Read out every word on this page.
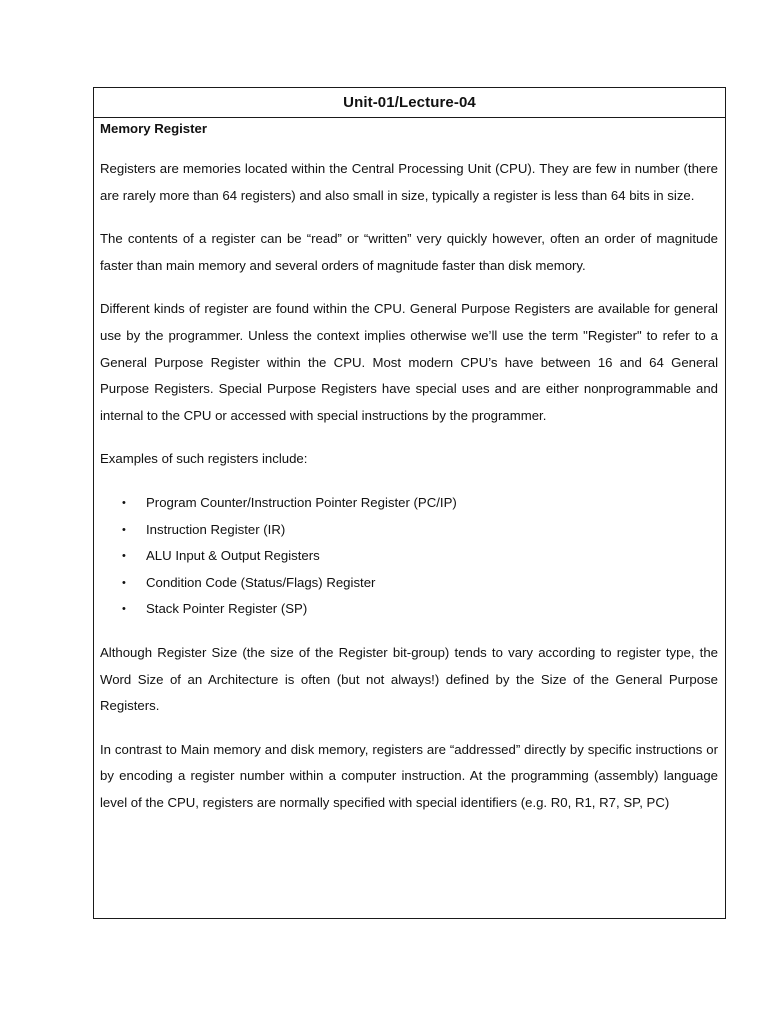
Unit-01/Lecture-04
Memory Register

Registers are memories located within the Central Processing Unit (CPU). They are few in number (there are rarely more than 64 registers) and also small in size, typically a register is less than 64 bits in size.

The contents of a register can be “read” or “written” very quickly however, often an order of magnitude faster than main memory and several orders of magnitude faster than disk memory.

Different kinds of register are found within the CPU. General Purpose Registers are available for general use by the programmer. Unless the context implies otherwise we’ll use the term "Register" to refer to a General Purpose Register within the CPU. Most modern CPU’s have between 16 and 64 General Purpose Registers. Special Purpose Registers have special uses and are either nonprogrammable and internal to the CPU or accessed with special instructions by the programmer.

Examples of such registers include:

• Program Counter/Instruction Pointer Register (PC/IP)
• Instruction Register (IR)
• ALU Input & Output Registers
• Condition Code (Status/Flags) Register
• Stack Pointer Register (SP)

Although Register Size (the size of the Register bit-group) tends to vary according to register type, the Word Size of an Architecture is often (but not always!) defined by the Size of the General Purpose Registers.

In contrast to Main memory and disk memory, registers are “addressed” directly by specific instructions or by encoding a register number within a computer instruction. At the programming (assembly) language level of the CPU, registers are normally specified with special identifiers (e.g. R0, R1, R7, SP, PC)
